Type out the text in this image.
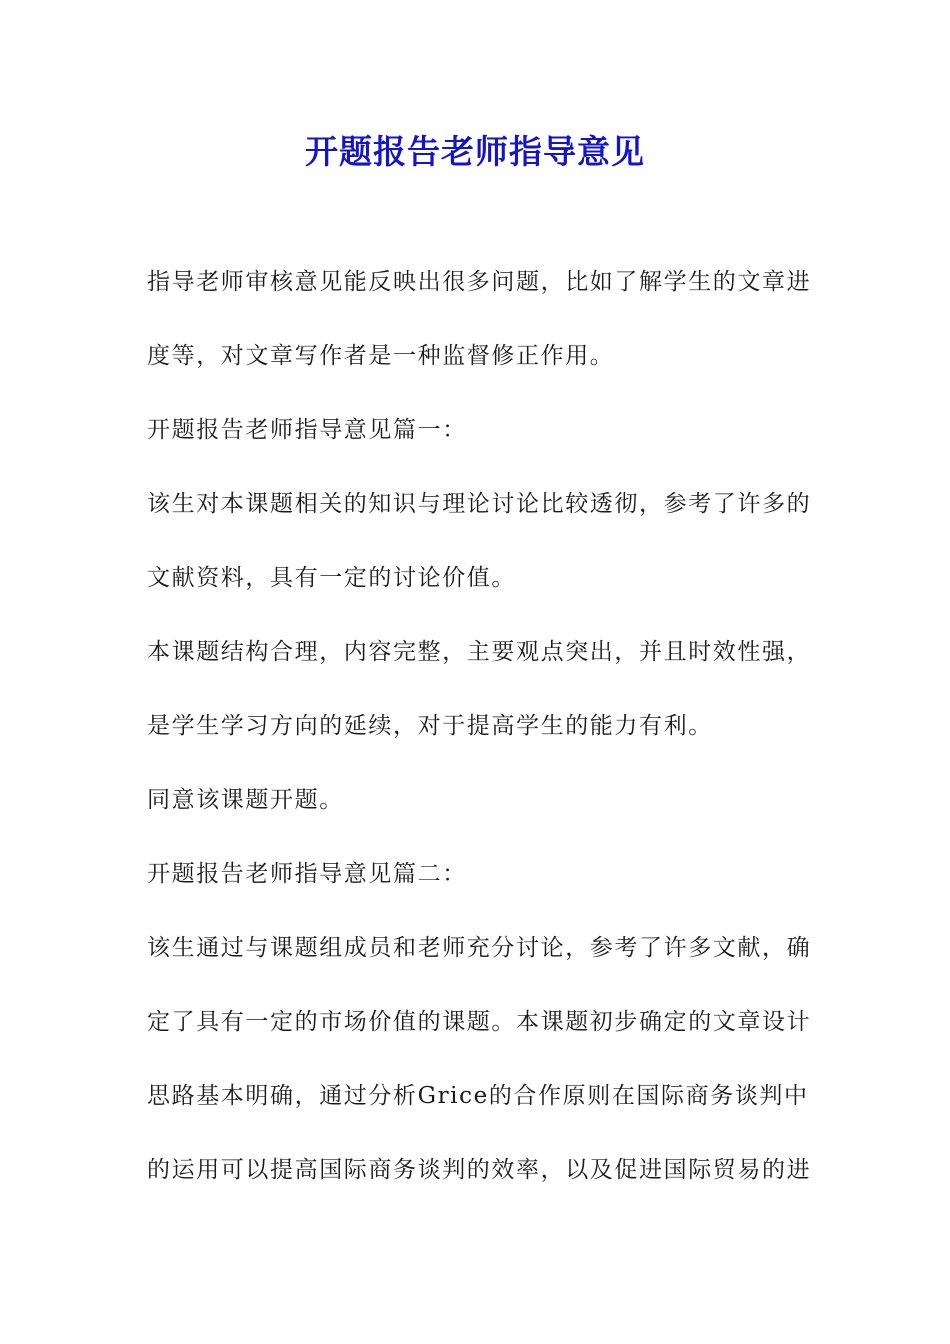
开题报告老师指导意见
指导老师审核意见能反映出很多问题，比如了解学生的文章进
度等，对文章写作者是一种监督修正作用。
开题报告老师指导意见篇一：
该生对本课题相关的知识与理论讨论比较透彻，参考了许多的
文献资料，具有一定的讨论价值。
本课题结构合理，内容完整，主要观点突出，并且时效性强，
是学生学习方向的延续，对于提高学生的能力有利。
同意该课题开题。
开题报告老师指导意见篇二：
该生通过与课题组成员和老师充分讨论，参考了许多文献，确
定了具有一定的市场价值的课题。本课题初步确定的文章设计
思路基本明确，通过分析Grice的合作原则在国际商务谈判中
的运用可以提高国际商务谈判的效率，以及促进国际贸易的进
